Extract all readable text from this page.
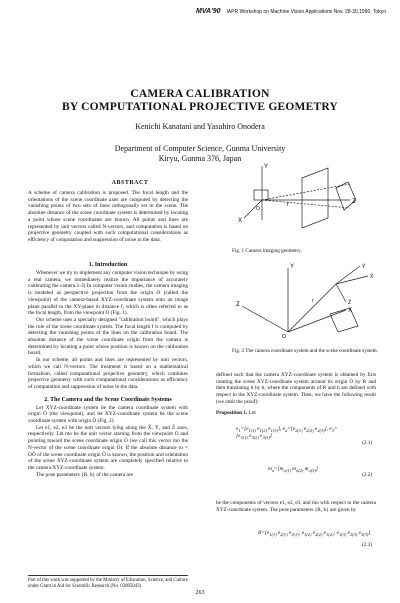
MVA'90 IAPR Workshop on Machine Vision Applications Nov. 28-30,1990, Tokyo
CAMERA CALIBRATION
BY COMPUTATIONAL PROJECTIVE GEOMETRY
Kenichi Kanatani and Yasuhiro Onodera
Department of Computer Science, Gunma University
Kiryu, Gunma 376, Japan
ABSTRACT

A scheme of camera calibration is proposed. The focal length and the orientations of the scene coordinate axes are computed by detecting the vanishing points of two sets of lines orthogonally set in the scene. The absolute distance of the scene coordinate system is determined by locating a point whose scene coordinates are known. All points and lines are represented by unit vectors called N-vectors, and computation is based on projective geometry coupled with such computational considerations as efficiency of computation and suppression of noise in the data.

1. Introduction

Whenever we try to implement any computer vision technique by using a real camera, we immediately realize the importance of accurately calibrating the camera.1-3) In computer vision studies, the camera imaging is modeled as perspective projection from the origin O (called the viewpoint) of the camera-based XYZ-coordinate system onto an image plane parallel to the XY-plane in distance f, which is often referred to as the focal length, from the viewpoint O (Fig. 1).

Our scheme uses a specially designed "calibration board", which plays the role of the scene coordinate system. The focal length f is computed by detecting the vanishing points of the lines on the calibration board. The absolute distance of the scene coordinate origin from the camera is determined by locating a point whose position is known on the calibration board.

In our scheme, all points and lines are represented by unit vectors, which we call N-vectors. The treatment is based on a mathematical formalism, called computational projective geometry, which combines projective geometry with such computational considerations as efficiency of computation and suppression of noise in the data.

2. The Camera and the Scene Coordinate Systems

Let XYZ-coordinate system be the camera coordinate system with origin O (the viewpoint), and let XYZ-coordinate system be the scene coordinate system with origin Ō (Fig. 2).

Let e1, e2, e3 be the unit vectors lying along the X̄, Ȳ, and Z̄ axes, respectively. Let mo be the unit vector starting from the viewpoint O and pointing toward the scene coordinate origin Ō (we call this vector mo the N-vector of the scene coordinate origin Ō). If the absolute distance ro = OŌ of the scene coordinate origin Ō is known, the position and orientation of the scene XYZ-coordinate system are completely specified relative to the camera XYZ-coordinate system.

The pose parameters {R, h} of the camera are

Part of this work was supported by the Ministry of Education, Science, and Culture under Grant in Aid for Scientific Research (No. 02805043).
Y
Z
X
O
f
Fig. 1 Camera imaging geometry.
Y
Z
X
O
X̄
Ȳ
Z̄
r
Fig. 2 The camera coordinate system and the scene coordinate system.

defined such that the camera XYZ-coordinate system is obtained by first rotating the scene XYZ-coordinate system around its origin Ō by R and then translating it by h, where the components of R and h are defined with respect to the XYZ-coordinate system. Then, we have the following result (we omit the proof):

Proposition 1. Let

$e_1=[e_{1(1)}$ $e_{1(2)}$ $e_{1(3)}$], $e_2=[e_{2(1)}$ $e_{2(2)}$ $e_{2(3)}$], $e_3=[e_{3(1)}$ $e_{3(2)}$ $e_{3(3)}$]
(2.1)
$m_o=[m_{o(1)}$ $m_{o(2)}$ $m_{o(3)}$]
(2.2)
be the components of vectors e1, e2, e3, and mo with respect to the camera XYZ-coordinate system. The pose parameters {R, h} are given by
$R=[e_{1(1)}$ $e_{2(1)}$ $e_{3(1)}$; $e_{1(2)}$ $e_{2(2)}$ $e_{3(2)}$; $e_{1(3)}$ $e_{2(3)}$ $e_{3(3)}$]
(2.3)
263
